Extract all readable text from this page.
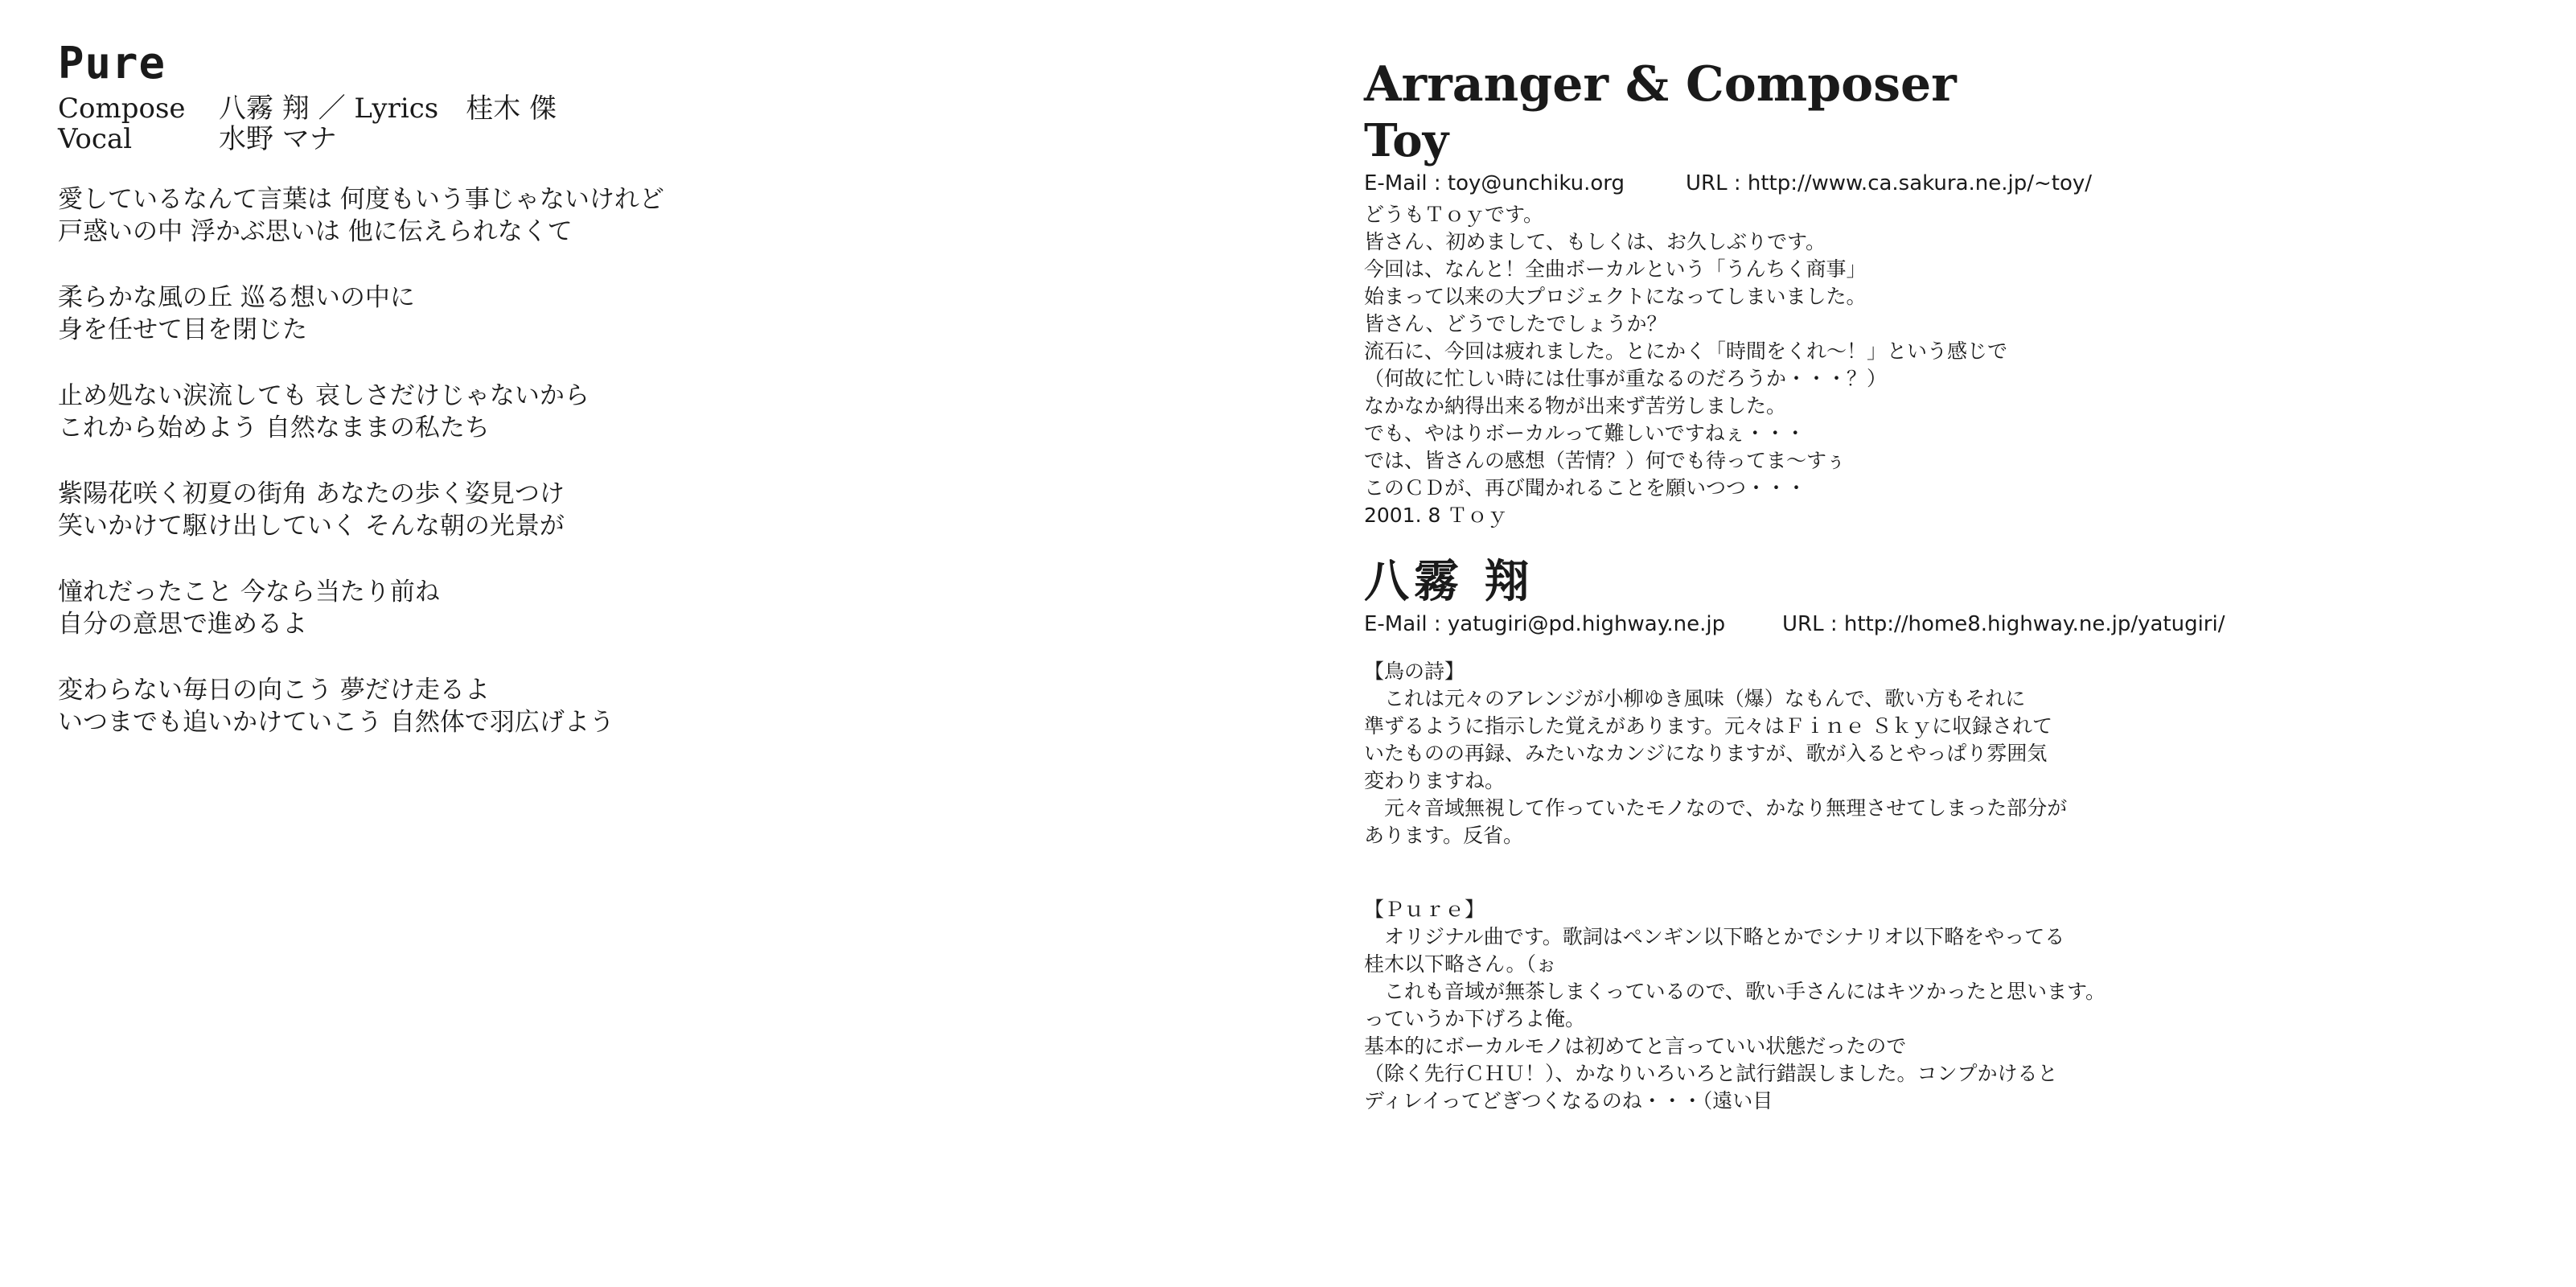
Pure
Compose	八霧 翔 ／ Lyrics　桂木 傑
Vocal	水野 マナ
愛しているなんて言葉は 何度もいう事じゃないけれど
戸惑いの中 浮かぶ思いは 他に伝えられなくて
柔らかな風の丘 巡る想いの中に
身を任せて目を閉じた
止め処ない涙流しても 哀しさだけじゃないから
これから始めよう 自然なままの私たち
紫陽花咲く初夏の街角 あなたの歩く姿見つけ
笑いかけて駆け出していく そんな朝の光景が
憧れだったこと 今なら当たり前ね
自分の意思で進めるよ
変わらない毎日の向こう 夢だけ走るよ
いつまでも追いかけていこう 自然体で羽広げよう
Arranger & Composer
Toy
E-Mail : toy@unchiku.org	URL : http://www.ca.sakura.ne.jp/~toy/
どうもＴｏｙです。
皆さん、初めまして、もしくは、お久しぶりです。
今回は、なんと！全曲ボーカルという「うんちく商事」
始まって以来の大プロジェクトになってしまいました。
皆さん、どうでしたでしょうか？
流石に、今回は疲れました。とにかく「時間をくれ～！」という感じで
（何故に忙しい時には仕事が重なるのだろうか・・・？）
なかなか納得出来る物が出来ず苦労しました。
でも、やはりボーカルって難しいですねぇ・・・
では、皆さんの感想（苦情？）何でも待ってま～すぅ
このＣＤが、再び聞かれることを願いつつ・・・
2001. 8 Ｔｏｙ
八霧 翔
E-Mail : yatugiri@pd.highway.ne.jp	URL : http://home8.highway.ne.jp/yatugiri/
【鳥の詩】
　これは元々のアレンジが小柳ゆき風味（爆）なもんで、歌い方もそれに
準ずるように指示した覚えがあります。元々はＦｉｎｅ Ｓｋｙに収録されて
いたものの再録、みたいなカンジになりますが、歌が入るとやっぱり雰囲気
変わりますね。
　元々音域無視して作っていたモノなので、かなり無理させてしまった部分が
あります。反省。
【Ｐｕｒｅ】
　オリジナル曲です。歌詞はペンギン以下略とかでシナリオ以下略をやってる
桂木以下略さん。（ぉ
　これも音域が無茶しまくっているので、歌い手さんにはキツかったと思います。
っていうか下げろよ俺。
基本的にボーカルモノは初めてと言っていい状態だったので
（除く先行ＣＨＵ！）、かなりいろいろと試行錯誤しました。コンプかけると
ディレイってどぎつくなるのね・・・（遠い目
